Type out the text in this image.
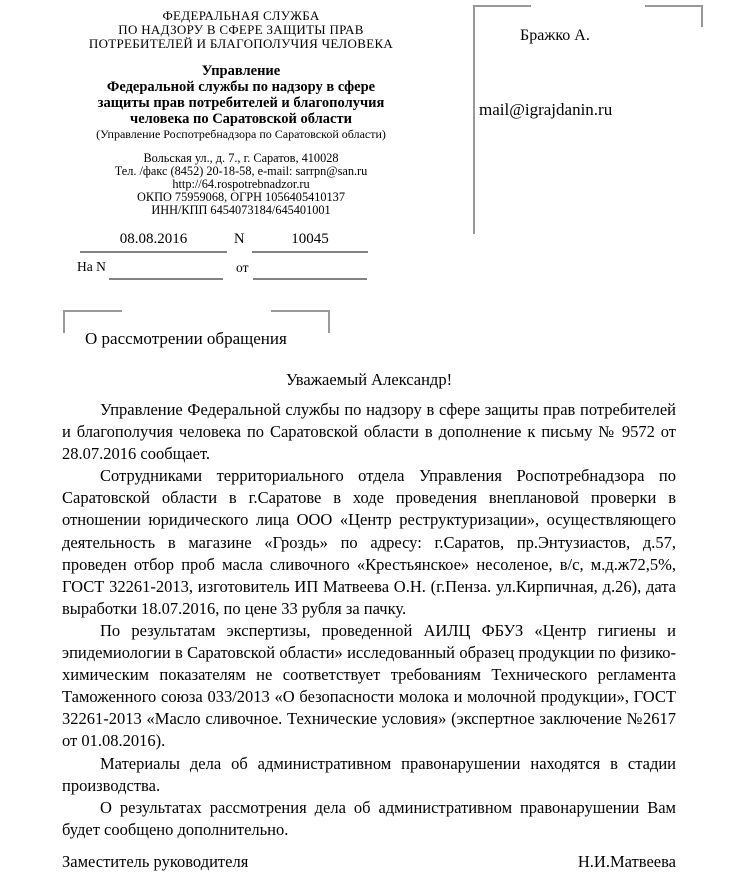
ФЕДЕРАЛЬНАЯ СЛУЖБА
ПО НАДЗОРУ В СФЕРЕ ЗАЩИТЫ ПРАВ
ПОТРЕБИТЕЛЕЙ И БЛАГОПОЛУЧИЯ ЧЕЛОВЕКА
Управление
Федеральной службы по надзору в сфере
защиты прав потребителей и благополучия
человека по Саратовской области
(Управление Роспотребнадзора по Саратовской области)
Вольская ул., д. 7., г. Саратов, 410028
Тел. /факс (8452) 20-18-58, e-mail: sarrpn@san.ru
http://64.rospotrebnadzor.ru
ОКПО 75959068, ОГРН 1056405410137
ИНН/КПП 6454073184/645401001
Бражко А.
mail@igrajdanin.ru
08.08.2016	N	10045
На N	от
О рассмотрении обращения
Уважаемый Александр!

Управление Федеральной службы по надзору в сфере защиты прав потребителей и благополучия человека по Саратовской области в дополнение к письму № 9572 от 28.07.2016 сообщает.

Сотрудниками территориального отдела Управления Роспотребнадзора по Саратовской области в г.Саратове в ходе проведения внеплановой проверки в отношении юридического лица ООО «Центр реструктуризации», осуществляющего деятельность в магазине «Гроздь» по адресу: г.Саратов, пр.Энтузиастов, д.57, проведен отбор проб масла сливочного «Крестьянское» несоленое, в/с, м.д.ж72,5%, ГОСТ 32261-2013, изготовитель ИП Матвеева О.Н. (г.Пенза. ул.Кирпичная, д.26), дата выработки 18.07.2016, по цене 33 рубля за пачку.

По результатам экспертизы, проведенной АИЛЦ ФБУЗ «Центр гигиены и эпидемиологии в Саратовской области» исследованный образец продукции по физико-химическим показателям не соответствует требованиям Технического регламента Таможенного союза 033/2013 «О безопасности молока и молочной продукции», ГОСТ 32261-2013 «Масло сливочное. Технические условия» (экспертное заключение №2617 от 01.08.2016).

Материалы дела об административном правонарушении находятся в стадии производства.

О результатах рассмотрения дела об административном правонарушении Вам будет сообщено дополнительно.

Заместитель руководителя	Н.И.Матвеева
